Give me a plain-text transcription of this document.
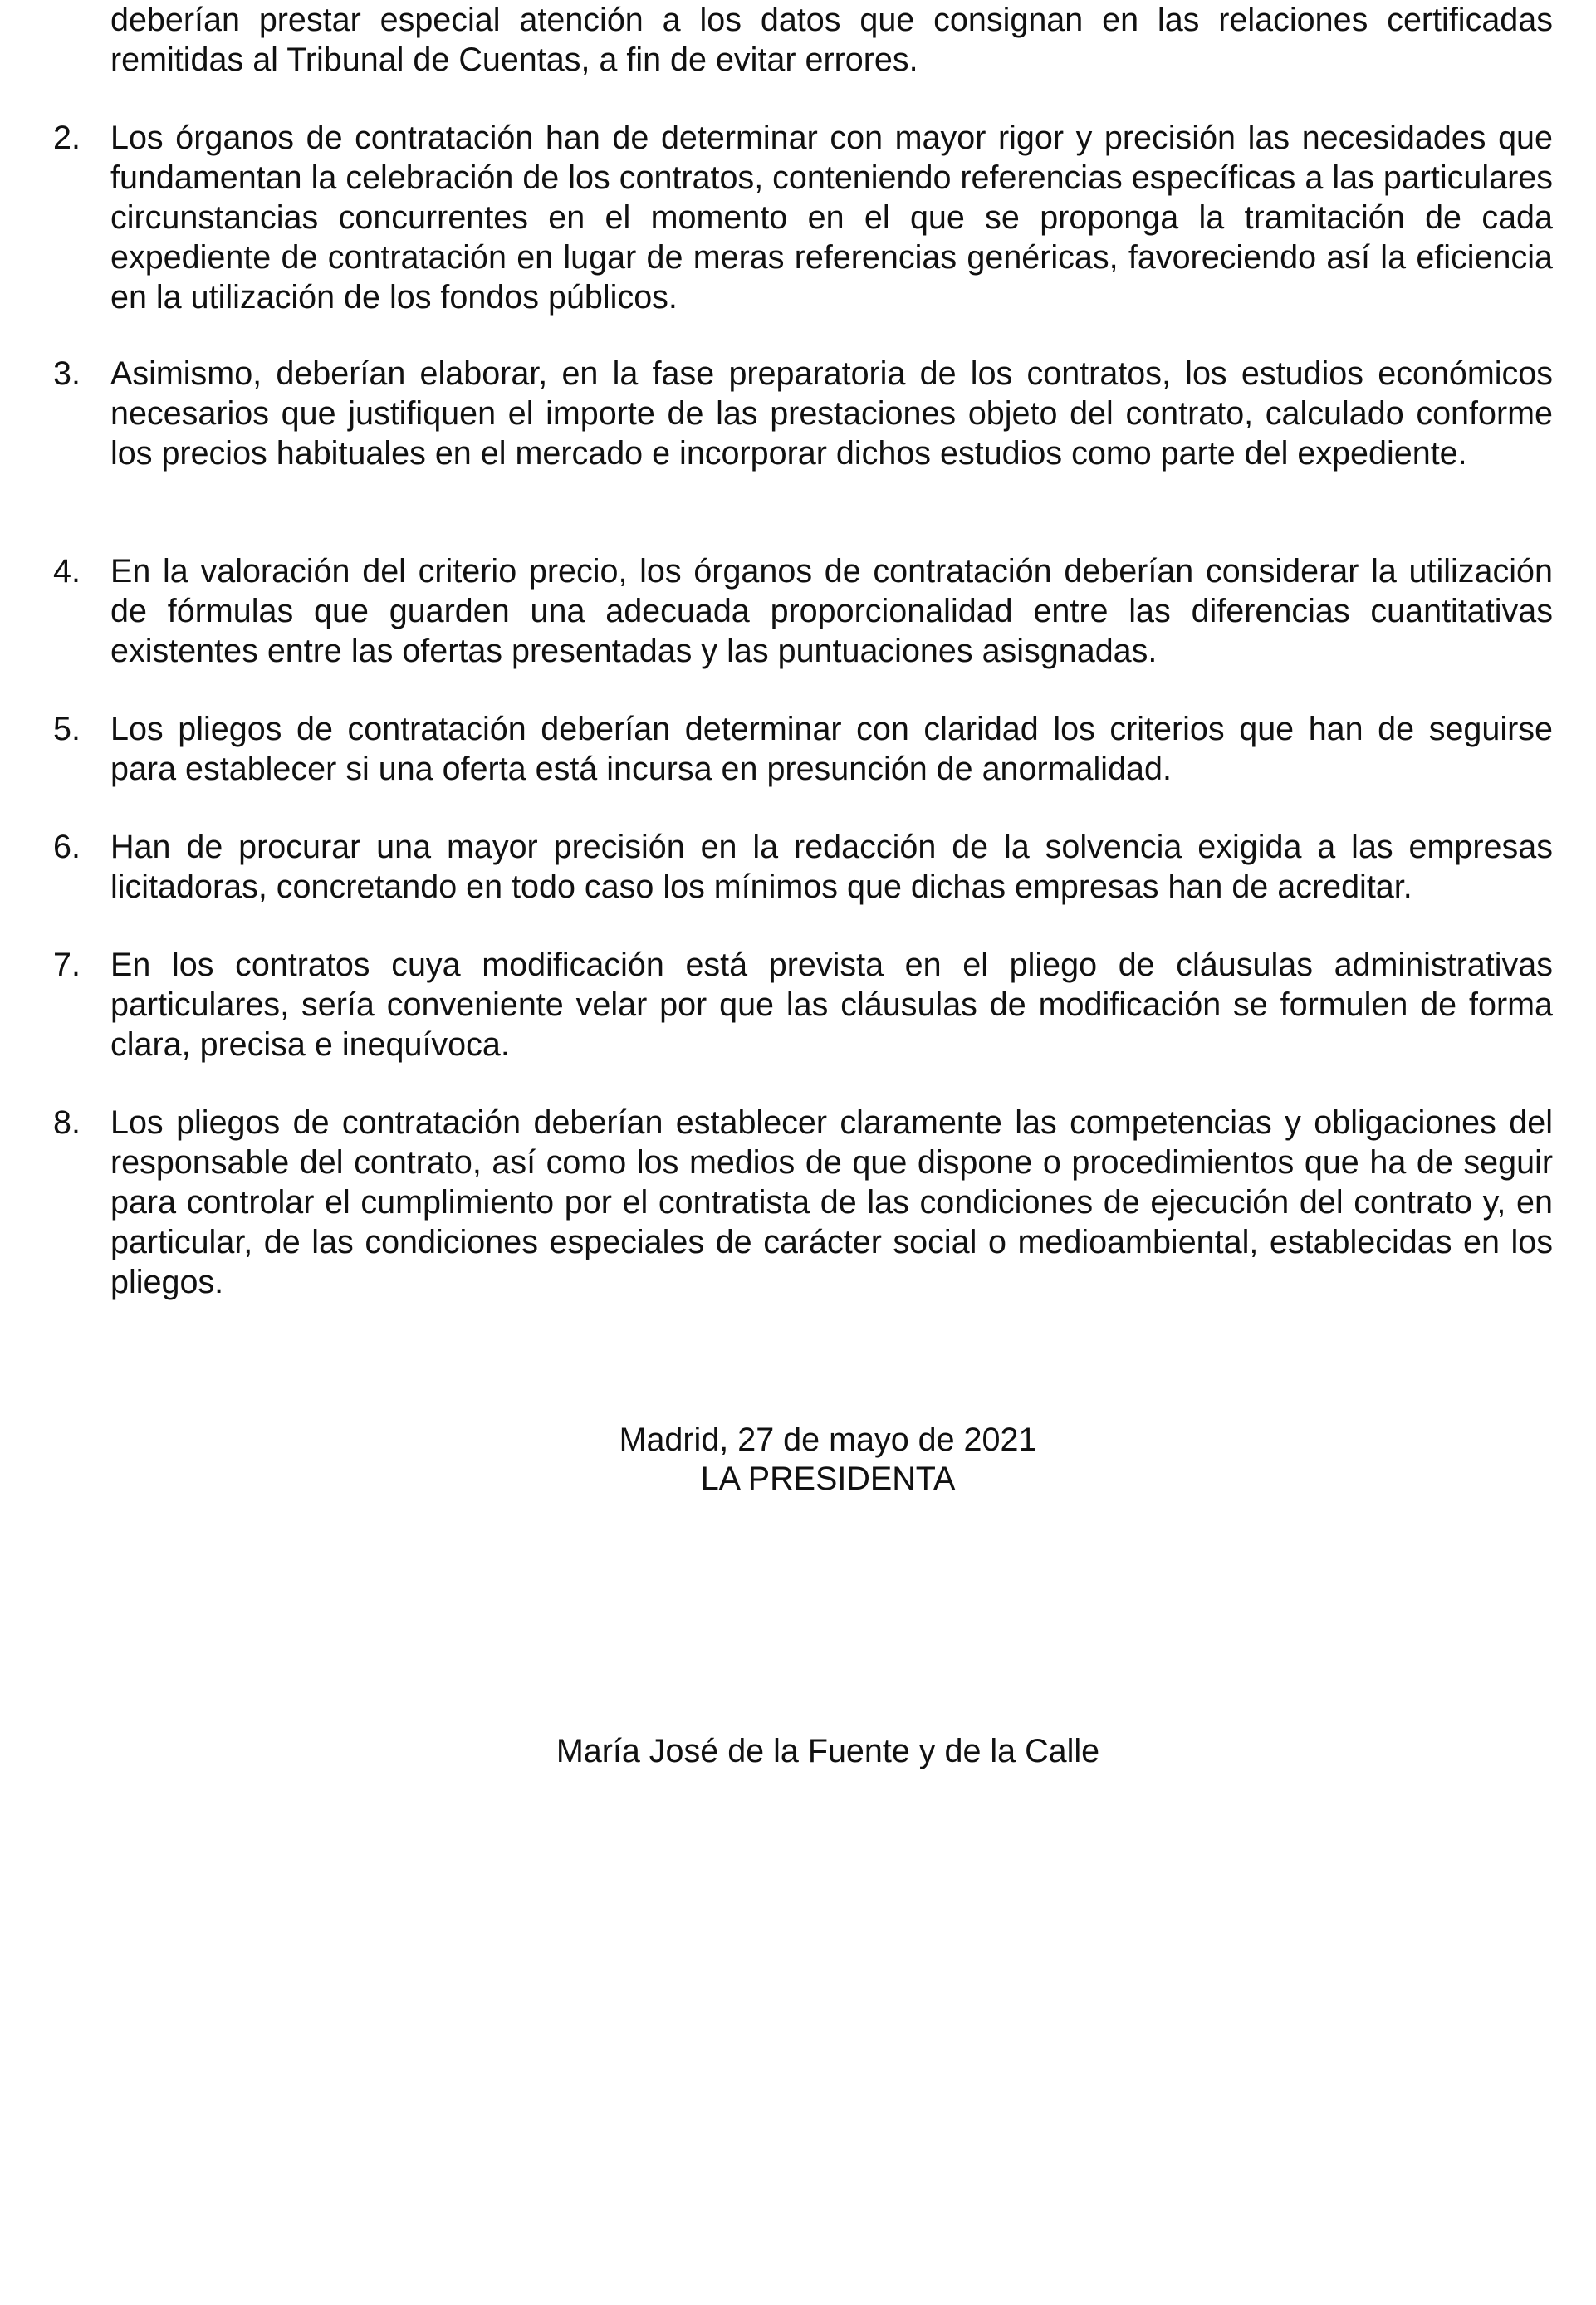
deberían prestar especial atención a los datos que consignan en las relaciones certificadas remitidas al Tribunal de Cuentas, a fin de evitar errores.

2. Los órganos de contratación han de determinar con mayor rigor y precisión las necesidades que fundamentan la celebración de los contratos, conteniendo referencias específicas a las particulares circunstancias concurrentes en el momento en el que se proponga la tramitación de cada expediente de contratación en lugar de meras referencias genéricas, favoreciendo así la eficiencia en la utilización de los fondos públicos.
3. Asimismo, deberían elaborar, en la fase preparatoria de los contratos, los estudios económicos necesarios que justifiquen el importe de las prestaciones objeto del contrato, calculado conforme los precios habituales en el mercado e incorporar dichos estudios como parte del expediente.
4. En la valoración del criterio precio, los órganos de contratación deberían considerar la utilización de fórmulas que guarden una adecuada proporcionalidad entre las diferencias cuantitativas existentes entre las ofertas presentadas y las puntuaciones asisgnadas.
5. Los pliegos de contratación deberían determinar con claridad los criterios que han de seguirse para establecer si una oferta está incursa en presunción de anormalidad.
6. Han de procurar una mayor precisión en la redacción de la solvencia exigida a las empresas licitadoras, concretando en todo caso los mínimos que dichas empresas han de acreditar.
7. En los contratos cuya modificación está prevista en el pliego de cláusulas administrativas particulares, sería conveniente velar por que las cláusulas de modificación se formulen de forma clara, precisa e inequívoca.
8. Los pliegos de contratación deberían establecer claramente las competencias y obligaciones del responsable del contrato, así como los medios de que dispone o procedimientos que ha de seguir para controlar el cumplimiento por el contratista de las condiciones de ejecución del contrato y, en particular, de las condiciones especiales de carácter social o medioambiental, establecidas en los pliegos.
Madrid, 27 de mayo de 2021
LA PRESIDENTA
María José de la Fuente y de la Calle
